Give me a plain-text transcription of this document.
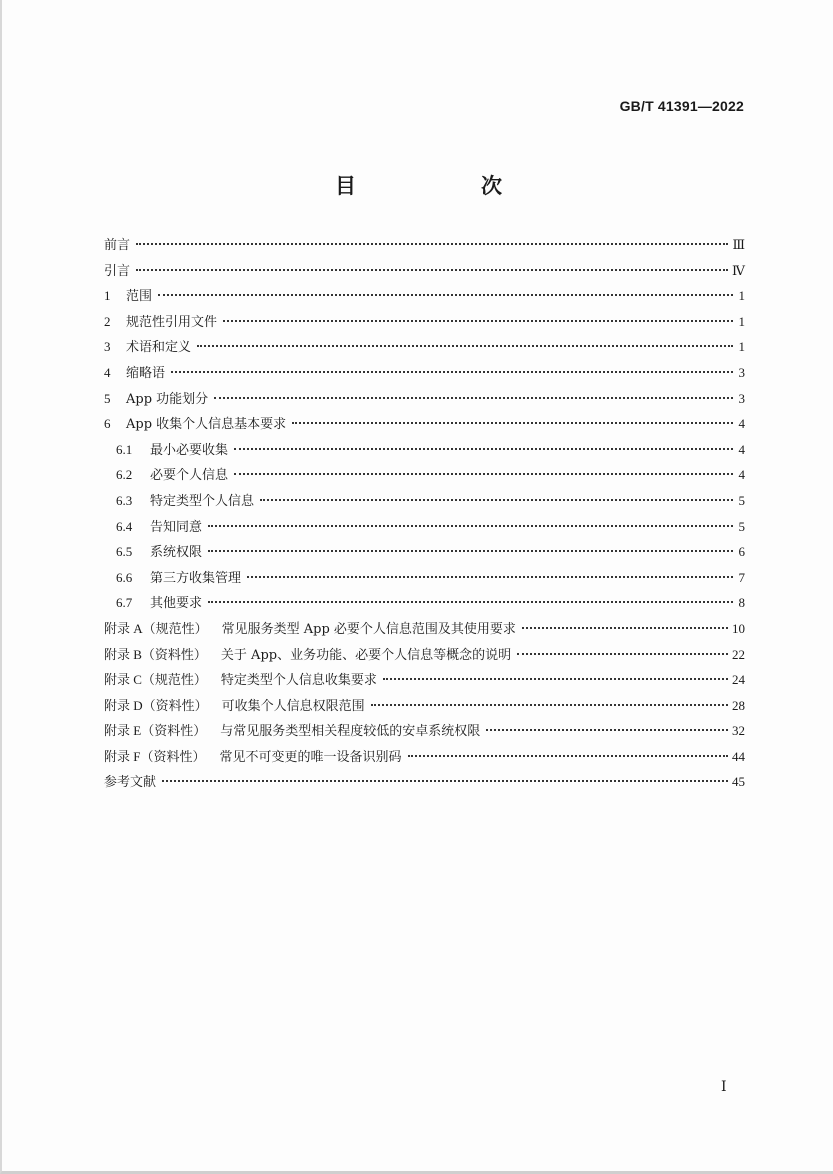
GB/T 41391—2022
目　次
前言	Ⅲ
引言	Ⅳ
1	范围	1
2	规范性引用文件	1
3	术语和定义	1
4	缩略语	3
5	App 功能划分	3
6	App 收集个人信息基本要求	4
6.1	最小必要收集	4
6.2	必要个人信息	4
6.3	特定类型个人信息	5
6.4	告知同意	5
6.5	系统权限	6
6.6	第三方收集管理	7
6.7	其他要求	8
附录 A（规范性） 常见服务类型 App 必要个人信息范围及其使用要求	10
附录 B（资料性） 关于 App、业务功能、必要个人信息等概念的说明	22
附录 C（规范性） 特定类型个人信息收集要求	24
附录 D（资料性） 可收集个人信息权限范围	28
附录 E（资料性） 与常见服务类型相关程度较低的安卓系统权限	32
附录 F（资料性） 常见不可变更的唯一设备识别码	44
参考文献	45
Ⅰ
